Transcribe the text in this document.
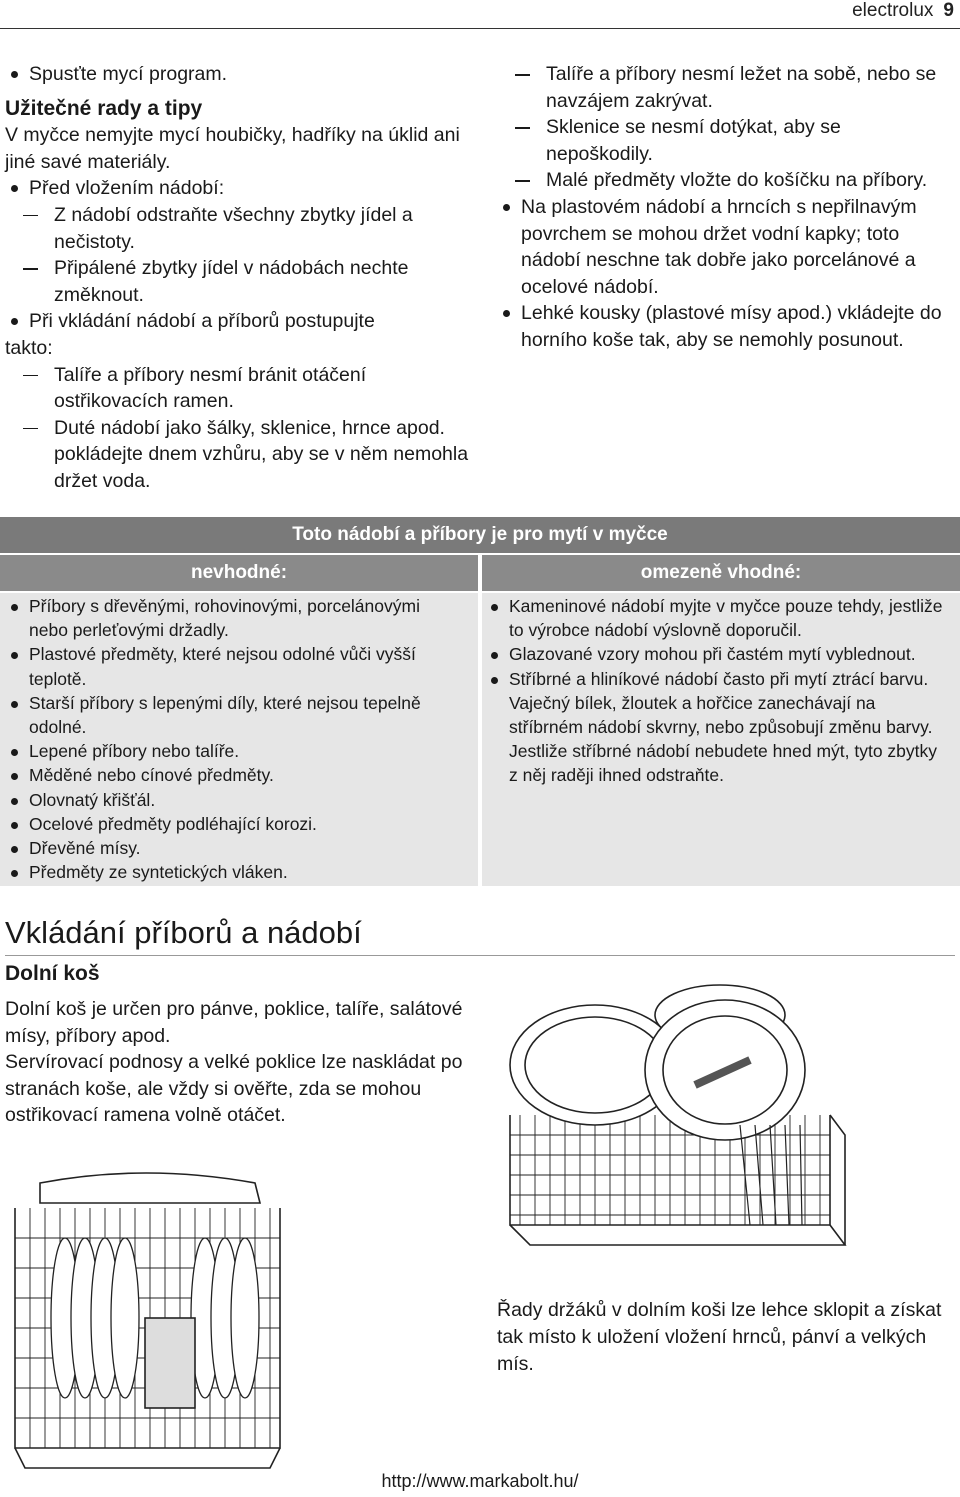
electrolux 9

Spusťte mycí program.

Užitečné rady a tipy

V myčce nemyjte mycí houbičky, hadříky na úklid ani jiné savé materiály.

Před vložením nádobí:

Z nádobí odstraňte všechny zbytky jídel a nečistoty.

Připálené zbytky jídel v nádobách nechte změknout.

Při vkládání nádobí a příborů postupujte

takto:

Talíře a příbory nesmí bránit otáčení ostřikovacích ramen.

Duté nádobí jako šálky, sklenice, hrnce apod. pokládejte dnem vzhůru, aby se v něm nemohla držet voda.

Talíře a příbory nesmí ležet na sobě, nebo se navzájem zakrývat.

Sklenice se nesmí dotýkat, aby se nepoškodily.

Malé předměty vložte do košíčku na příbory.

Na plastovém nádobí a hrncích s nepřilnavým povrchem se mohou držet vodní kapky; toto nádobí neschne tak dobře jako porcelánové a ocelové nádobí.

Lehké kousky (plastové mísy apod.) vkládejte do horního koše tak, aby se nemohly posunout.

Toto nádobí a příbory je pro mytí v myčce
nevhodné:	omezeně vhodné:

Příbory s dřevěnými, rohovinovými, porcelánovými nebo perleťovými držadly.

Plastové předměty, které nejsou odolné vůči vyšší teplotě.

Starší příbory s lepenými díly, které nejsou tepelně odolné.

Lepené příbory nebo talíře.

Měděné nebo cínové předměty.

Olovnatý křišťál.

Ocelové předměty podléhající korozi.

Dřevěné mísy.

Předměty ze syntetických vláken.

Kameninové nádobí myjte v myčce pouze tehdy, jestliže to výrobce nádobí výslovně doporučil.

Glazované vzory mohou při častém mytí vyblednout.

Stříbrné a hliníkové nádobí často při mytí ztrácí barvu. Vaječný bílek, žloutek a hořčice zanechávají na stříbrném nádobí skvrny, nebo způsobují změnu barvy. Jestliže stříbrné nádobí nebudete hned mýt, tyto zbytky z něj raději ihned odstraňte.

Vkládání příborů a nádobí
Dolní koš

Dolní koš je určen pro pánve, poklice, talíře, salátové mísy, příbory apod.

Servírovací podnosy a velké poklice lze naskládat po stranách koše, ale vždy si ověřte, zda se mohou ostřikovací ramena volně otáčet.

Řady držáků v dolním koši lze lehce sklopit a získat tak místo k uložení vložení hrnců, pánví a velkých mís.

http://www.markabolt.hu/
